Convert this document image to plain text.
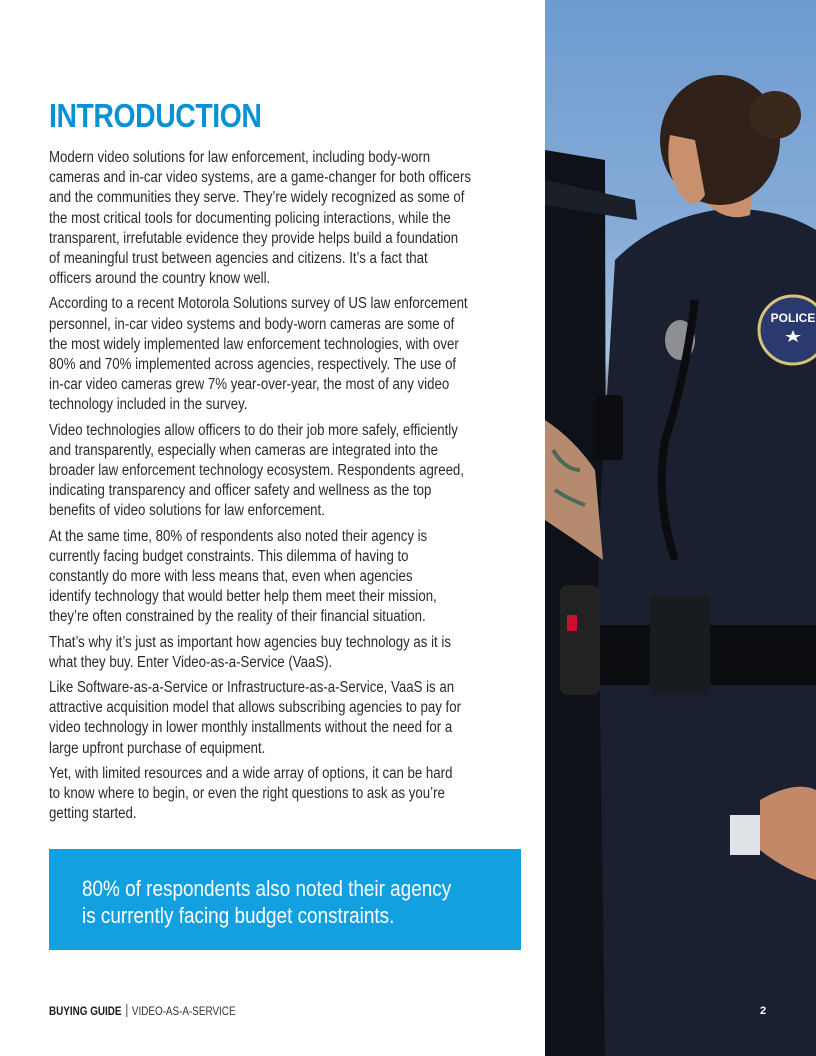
INTRODUCTION

Modern video solutions for law enforcement, including body-worn
cameras and in-car video systems, are a game-changer for both officers
and the communities they serve. They’re widely recognized as some of
the most critical tools for documenting policing interactions, while the
transparent, irrefutable evidence they provide helps build a foundation
of meaningful trust between agencies and citizens. It’s a fact that
officers around the country know well.

According to a recent Motorola Solutions survey of US law enforcement
personnel, in-car video systems and body-worn cameras are some of
the most widely implemented law enforcement technologies, with over
80% and 70% implemented across agencies, respectively. The use of
in-car video cameras grew 7% year-over-year, the most of any video
technology included in the survey.

Video technologies allow officers to do their job more safely, efficiently
and transparently, especially when cameras are integrated into the
broader law enforcement technology ecosystem. Respondents agreed,
indicating transparency and officer safety and wellness as the top
benefits of video solutions for law enforcement.

At the same time, 80% of respondents also noted their agency is
currently facing budget constraints. This dilemma of having to
constantly do more with less means that, even when agencies
identify technology that would better help them meet their mission,
they’re often constrained by the reality of their financial situation.

That’s why it’s just as important how agencies buy technology as it is
what they buy. Enter Video-as-a-Service (VaaS).

Like Software-as-a-Service or Infrastructure-as-a-Service, VaaS is an
attractive acquisition model that allows subscribing agencies to pay for
video technology in lower monthly installments without the need for a
large upfront purchase of equipment.

Yet, with limited resources and a wide array of options, it can be hard
to know where to begin, or even the right questions to ask as you’re
getting started.

80% of respondents also noted their agency
is currently facing budget constraints.
BUYING GUIDE VIDEO-AS-A-SERVICE
POLICE
2
